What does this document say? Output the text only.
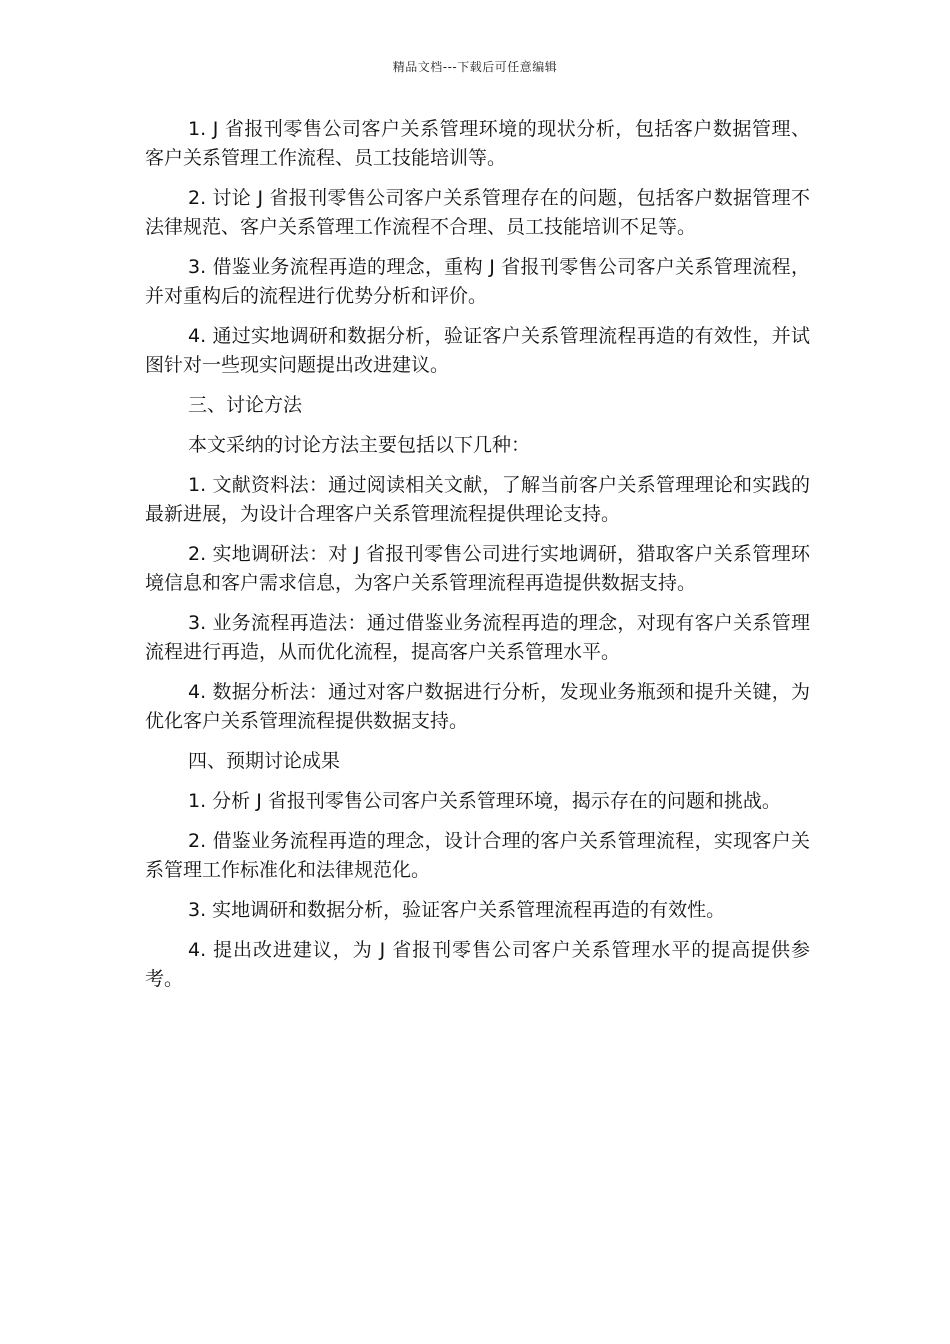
精品文档---下载后可任意编辑

1. J 省报刊零售公司客户关系管理环境的现状分析，包括客户数据管理、客户关系管理工作流程、员工技能培训等。

2. 讨论 J 省报刊零售公司客户关系管理存在的问题，包括客户数据管理不法律规范、客户关系管理工作流程不合理、员工技能培训不足等。

3. 借鉴业务流程再造的理念，重构 J 省报刊零售公司客户关系管理流程，并对重构后的流程进行优势分析和评价。

4. 通过实地调研和数据分析，验证客户关系管理流程再造的有效性，并试图针对一些现实问题提出改进建议。

三、讨论方法

本文采纳的讨论方法主要包括以下几种：

1. 文献资料法：通过阅读相关文献，了解当前客户关系管理理论和实践的最新进展，为设计合理客户关系管理流程提供理论支持。

2. 实地调研法：对 J 省报刊零售公司进行实地调研，猎取客户关系管理环境信息和客户需求信息，为客户关系管理流程再造提供数据支持。

3. 业务流程再造法：通过借鉴业务流程再造的理念，对现有客户关系管理流程进行再造，从而优化流程，提高客户关系管理水平。

4. 数据分析法：通过对客户数据进行分析，发现业务瓶颈和提升关键，为优化客户关系管理流程提供数据支持。

四、预期讨论成果

1. 分析 J 省报刊零售公司客户关系管理环境，揭示存在的问题和挑战。

2. 借鉴业务流程再造的理念，设计合理的客户关系管理流程，实现客户关系管理工作标准化和法律规范化。

3. 实地调研和数据分析，验证客户关系管理流程再造的有效性。

4. 提出改进建议，为 J 省报刊零售公司客户关系管理水平的提高提供参考。
